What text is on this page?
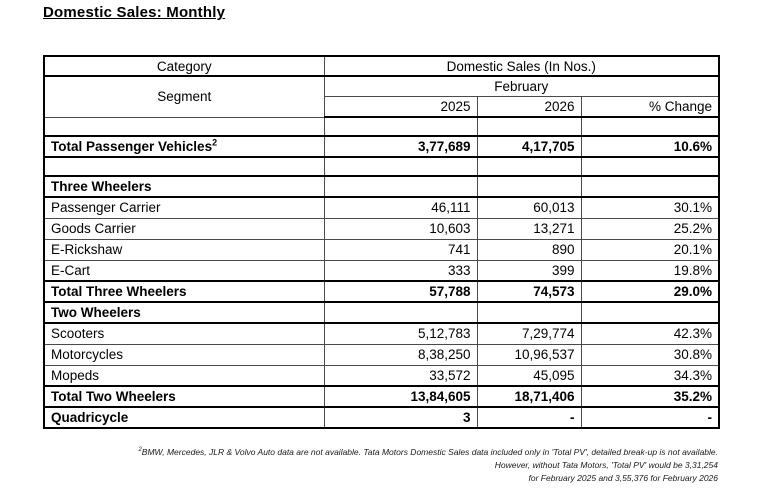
Domestic Sales: Monthly
Category	Domestic Sales (In Nos.)		
Segment	February		
	2025	2026	% Change

Total Passenger Vehicles$^2$	3,77,689	4,17,705	10.6%

Three Wheelers			
Passenger Carrier	46,111	60,013	30.1%
Goods Carrier	10,603	13,271	25.2%
E-Rickshaw	741	890	20.1%
E-Cart	333	399	19.8%
Total Three Wheelers	57,788	74,573	29.0%
Two Wheelers			
Scooters	5,12,783	7,29,774	42.3%
Motorcycles	8,38,250	10,96,537	30.8%
Mopeds	33,572	45,095	34.3%
Total Two Wheelers	13,84,605	18,71,406	35.2%
Quadricycle	3	-	-
$^2$BMW, Mercedes, JLR & Volvo Auto data are not available. Tata Motors Domestic Sales data included only in 'Total PV', detailed break-up is not available.
However, without Tata Motors, 'Total PV' would be 3,31,254
for February 2025 and 3,55,376 for February 2026
